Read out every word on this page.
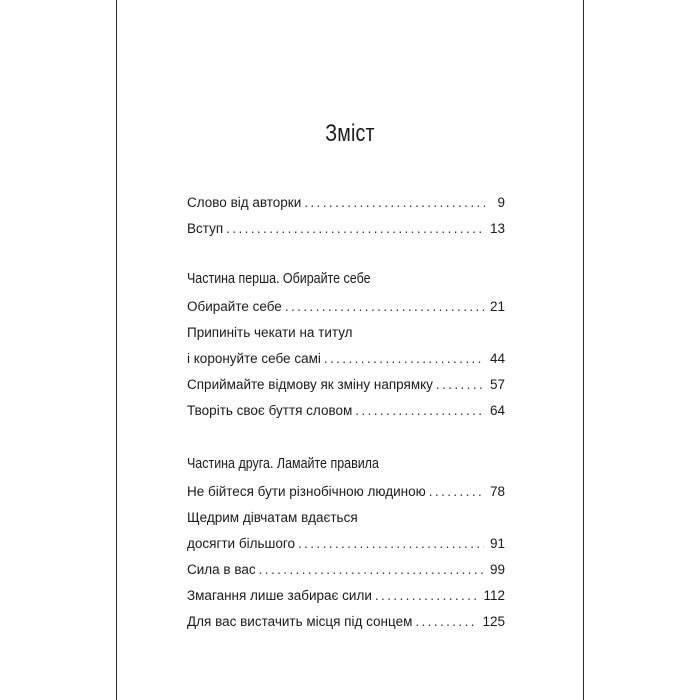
Зміст
Слово від авторки .....	9
Вступ .....	13
Частина перша. Обирайте себе
Обирайте себе .....	21
Припиніть чекати на титул
і коронуйте себе самі .....	44
Сприймайте відмову як зміну напрямку .....	57
Творіть своє буття словом .....	64
Частина друга. Ламайте правила
Не бійтеся бути різнобічною людиною .....	78
Щедрим дівчатам вдається
досягти більшого .....	91
Сила в вас .....	99
Змагання лише забирає сили .....	112
Для вас вистачить місця під сонцем .....	125
